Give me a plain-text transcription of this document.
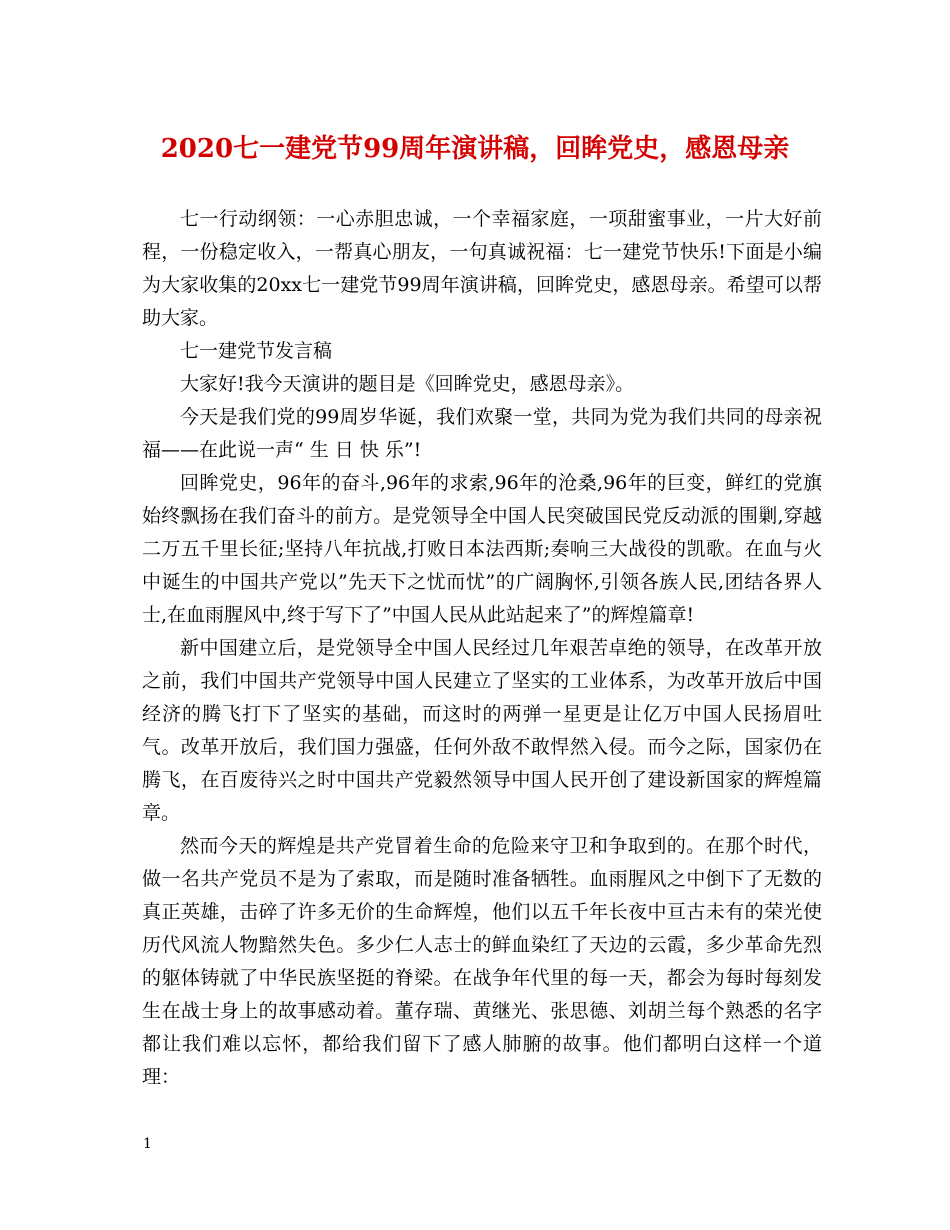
2020七一建党节99周年演讲稿，回眸党史，感恩母亲

七一行动纲领：一心赤胆忠诚，一个幸福家庭，一项甜蜜事业，一片大好前程，一份稳定收入，一帮真心朋友，一句真诚祝福：七一建党节快乐!下面是小编为大家收集的20xx七一建党节99周年演讲稿，回眸党史，感恩母亲。希望可以帮助大家。

七一建党节发言稿

大家好!我今天演讲的题目是《回眸党史，感恩母亲》。

今天是我们党的99周岁华诞，我们欢聚一堂，共同为党为我们共同的母亲祝福——在此说一声“ 生 日 快 乐”!

回眸党史，96年的奋斗,96年的求索,96年的沧桑,96年的巨变，鲜红的党旗始终飘扬在我们奋斗的前方。是党领导全中国人民突破国民党反动派的围剿,穿越二万五千里长征;坚持八年抗战,打败日本法西斯;奏响三大战役的凯歌。在血与火中诞生的中国共产党以”先天下之忧而忧”的广阔胸怀,引领各族人民,团结各界人士,在血雨腥风中,终于写下了”中国人民从此站起来了”的辉煌篇章!

新中国建立后，是党领导全中国人民经过几年艰苦卓绝的领导，在改革开放之前，我们中国共产党领导中国人民建立了坚实的工业体系，为改革开放后中国经济的腾飞打下了坚实的基础，而这时的两弹一星更是让亿万中国人民扬眉吐气。改革开放后，我们国力强盛，任何外敌不敢悍然入侵。而今之际，国家仍在腾飞，在百废待兴之时中国共产党毅然领导中国人民开创了建设新国家的辉煌篇章。

然而今天的辉煌是共产党冒着生命的危险来守卫和争取到的。在那个时代，做一名共产党员不是为了索取，而是随时准备牺牲。血雨腥风之中倒下了无数的真正英雄，击碎了许多无价的生命辉煌，他们以五千年长夜中亘古未有的荣光使历代风流人物黯然失色。多少仁人志士的鲜血染红了天边的云霞，多少革命先烈的躯体铸就了中华民族坚挺的脊梁。在战争年代里的每一天，都会为每时每刻发生在战士身上的故事感动着。董存瑞、黄继光、张思德、刘胡兰每个熟悉的名字都让我们难以忘怀，都给我们留下了感人肺腑的故事。他们都明白这样一个道理：

1
